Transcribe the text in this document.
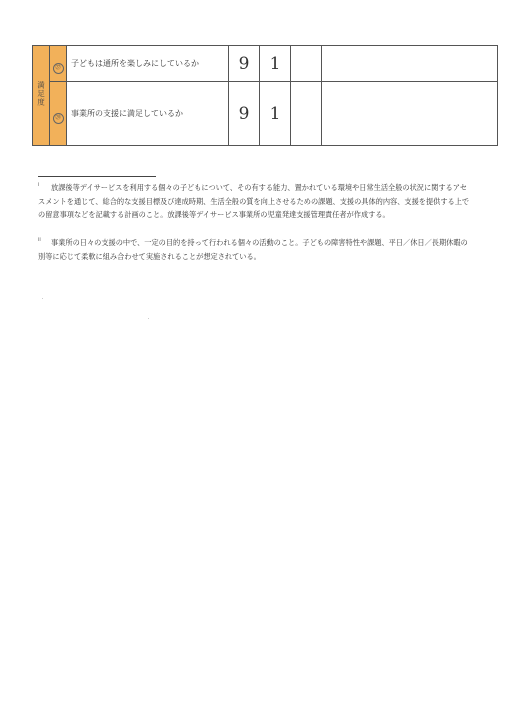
満足度	㉗	子どもは通所を楽しみにしているか	9	1		
	㉘	事業所の支援に満足しているか	9	1		
i	放課後等デイサービスを利用する個々の子どもについて、その有する能力、置かれている環境や日常生活全般の状況に関するアセスメントを通じて、総合的な支援目標及び達成時期、生活全般の質を向上させるための課題、支援の具体的内容、支援を提供する上での留意事項などを記載する計画のこと。放課後等デイサービス事業所の児童発達支援管理責任者が作成する。
ii	事業所の日々の支援の中で、一定の目的を持って行われる個々の活動のこと。子どもの障害特性や課題、平日／休日／長期休暇の別等に応じて柔軟に組み合わせて実施されることが想定されている。
